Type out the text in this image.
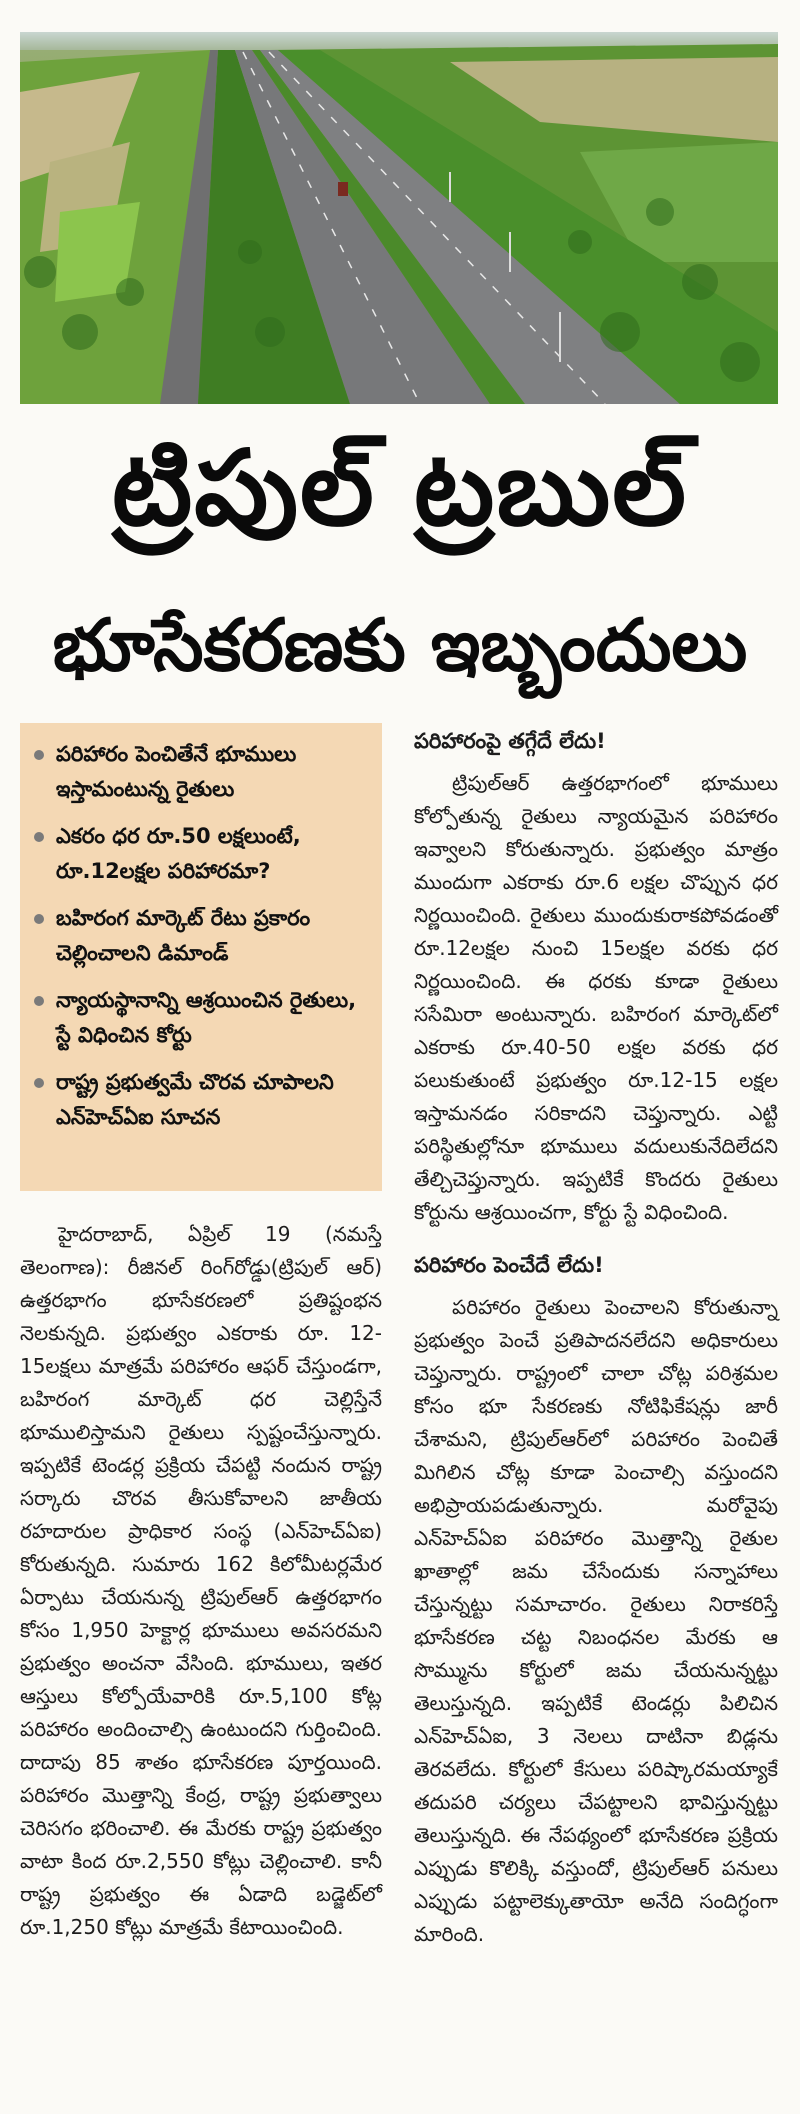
ట్రిపుల్ ట్రబుల్
భూసేకరణకు ఇబ్బందులు
పరిహారం పెంచితేనే భూములు ఇస్తామంటున్న రైతులు
ఎకరం ధర రూ.50 లక్షలుంటే, రూ.12లక్షల పరిహారమా?
బహిరంగ మార్కెట్ రేటు ప్రకారం చెల్లించాలని డిమాండ్
న్యాయస్థానాన్ని ఆశ్రయించిన రైతులు, స్టే విధించిన కోర్టు
రాష్ట్ర ప్రభుత్వమే చొరవ చూపాలని ఎన్‌హెచ్ఏఐ సూచన

హైదరాబాద్, ఏప్రిల్ 19 (నమస్తే తెలంగాణ): రీజినల్ రింగ్‌రోడ్డు(ట్రిపుల్ ఆర్) ఉత్తరభాగం భూసేకరణలో ప్రతిష్టంభన నెలకున్నది. ప్రభుత్వం ఎకరాకు రూ. 12-15లక్షలు మాత్రమే పరిహారం ఆఫర్ చేస్తుండగా, బహిరంగ మార్కెట్ ధర చెల్లిస్తేనే భూములిస్తామని రైతులు స్పష్టంచేస్తున్నారు. ఇప్పటికే టెండర్ల ప్రక్రియ చేపట్టి నందున రాష్ట్ర సర్కారు చొరవ తీసుకోవాలని జాతీయ రహదారుల ప్రాధికార సంస్థ (ఎన్‌హెచ్ఏఐ) కోరుతున్నది. సుమారు 162 కిలోమీటర్లమేర ఏర్పాటు చేయనున్న ట్రిపుల్‌ఆర్ ఉత్తరభాగం కోసం 1,950 హెక్టార్ల భూములు అవసరమని ప్రభుత్వం అంచనా వేసింది. భూములు, ఇతర ఆస్తులు కోల్పోయేవారికి రూ.5,100 కోట్ల పరిహారం అందించాల్సి ఉంటుందని గుర్తించింది. దాదాపు 85 శాతం భూసేకరణ పూర్తయింది. పరిహారం మొత్తాన్ని కేంద్ర, రాష్ట్ర ప్రభుత్వాలు చెరిసగం భరించాలి. ఈ మేరకు రాష్ట్ర ప్రభుత్వం వాటా కింద రూ.2,550 కోట్లు చెల్లించాలి. కానీ రాష్ట్ర ప్రభుత్వం ఈ ఏడాది బడ్జెట్‌లో రూ.1,250 కోట్లు మాత్రమే కేటాయించింది.

పరిహారంపై తగ్గేదే లేదు!

ట్రిపుల్‌ఆర్ ఉత్తరభాగంలో భూములు కోల్పోతున్న రైతులు న్యాయమైన పరిహారం ఇవ్వాలని కోరుతున్నారు. ప్రభుత్వం మాత్రం ముందుగా ఎకరాకు రూ.6 లక్షల చొప్పున ధర నిర్ణయించింది. రైతులు ముందుకురాకపోవడంతో రూ.12లక్షల నుంచి 15లక్షల వరకు ధర నిర్ణయించింది. ఈ ధరకు కూడా రైతులు ససేమిరా అంటున్నారు. బహిరంగ మార్కెట్‌లో ఎకరాకు రూ.40-50 లక్షల వరకు ధర పలుకుతుంటే ప్రభుత్వం రూ.12-15 లక్షల ఇస్తామనడం సరికాదని చెప్తున్నారు. ఎట్టి పరిస్థితుల్లోనూ భూములు వదులుకునేదిలేదని తేల్చిచెప్తున్నారు. ఇప్పటికే కొందరు రైతులు కోర్టును ఆశ్రయించగా, కోర్టు స్టే విధించింది.

పరిహారం పెంచేదే లేదు!

పరిహారం రైతులు పెంచాలని కోరుతున్నా ప్రభుత్వం పెంచే ప్రతిపాదనలేదని అధికారులు చెప్తున్నారు. రాష్ట్రంలో చాలా చోట్ల పరిశ్రమల కోసం భూ సేకరణకు నోటిఫికేషన్లు జారీ చేశామని, ట్రిపుల్‌ఆర్‌లో పరిహారం పెంచితే మిగిలిన చోట్ల కూడా పెంచాల్సి వస్తుందని అభిప్రాయపడుతున్నారు. మరోవైపు ఎన్‌హెచ్ఏఐ పరిహారం మొత్తాన్ని రైతుల ఖాతాల్లో జమ చేసేందుకు సన్నాహాలు చేస్తున్నట్టు సమాచారం. రైతులు నిరాకరిస్తే భూసేకరణ చట్ట నిబంధనల మేరకు ఆ సొమ్మును కోర్టులో జమ చేయనున్నట్టు తెలుస్తున్నది. ఇప్పటికే టెండర్లు పిలిచిన ఎన్‌హెచ్ఏఐ, 3 నెలలు దాటినా బిడ్లను తెరవలేదు. కోర్టులో కేసులు పరిష్కారమయ్యాకే తదుపరి చర్యలు చేపట్టాలని భావిస్తున్నట్టు తెలుస్తున్నది. ఈ నేపథ్యంలో భూసేకరణ ప్రక్రియ ఎప్పుడు కొలిక్కి వస్తుందో, ట్రిపుల్‌ఆర్ పనులు ఎప్పుడు పట్టాలెక్కుతాయో అనేది సందిగ్ధంగా మారింది.
